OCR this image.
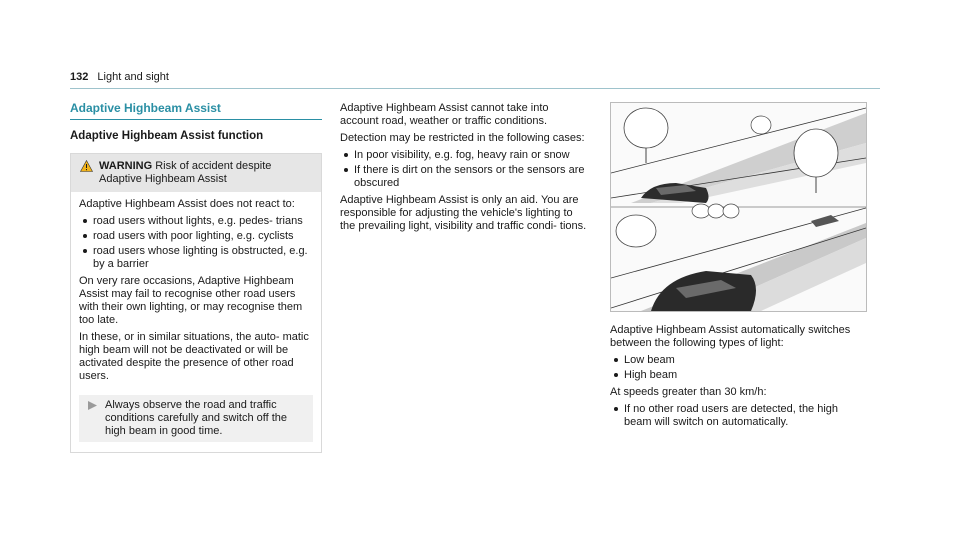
132 Light and sight
Adaptive Highbeam Assist
Adaptive Highbeam Assist function
WARNING Risk of accident despite Adaptive Highbeam Assist

Adaptive Highbeam Assist does not react to:

road users without lights, e.g. pedes- trians
road users with poor lighting, e.g. cyclists
road users whose lighting is obstructed, e.g. by a barrier

On very rare occasions, Adaptive Highbeam Assist may fail to recognise other road users with their own lighting, or may recognise them too late.

In these, or in similar situations, the auto- matic high beam will not be deactivated or will be activated despite the presence of other road users.

Always observe the road and traffic conditions carefully and switch off the high beam in good time.

Adaptive Highbeam Assist cannot take into account road, weather or traffic conditions.

Detection may be restricted in the following cases:

In poor visibility, e.g. fog, heavy rain or snow
If there is dirt on the sensors or the sensors are obscured

Adaptive Highbeam Assist is only an aid. You are responsible for adjusting the vehicle's lighting to the prevailing light, visibility and traffic condi- tions.

Adaptive Highbeam Assist automatically switches between the following types of light:

Low beam
High beam

At speeds greater than 30 km/h:

If no other road users are detected, the high beam will switch on automatically.
